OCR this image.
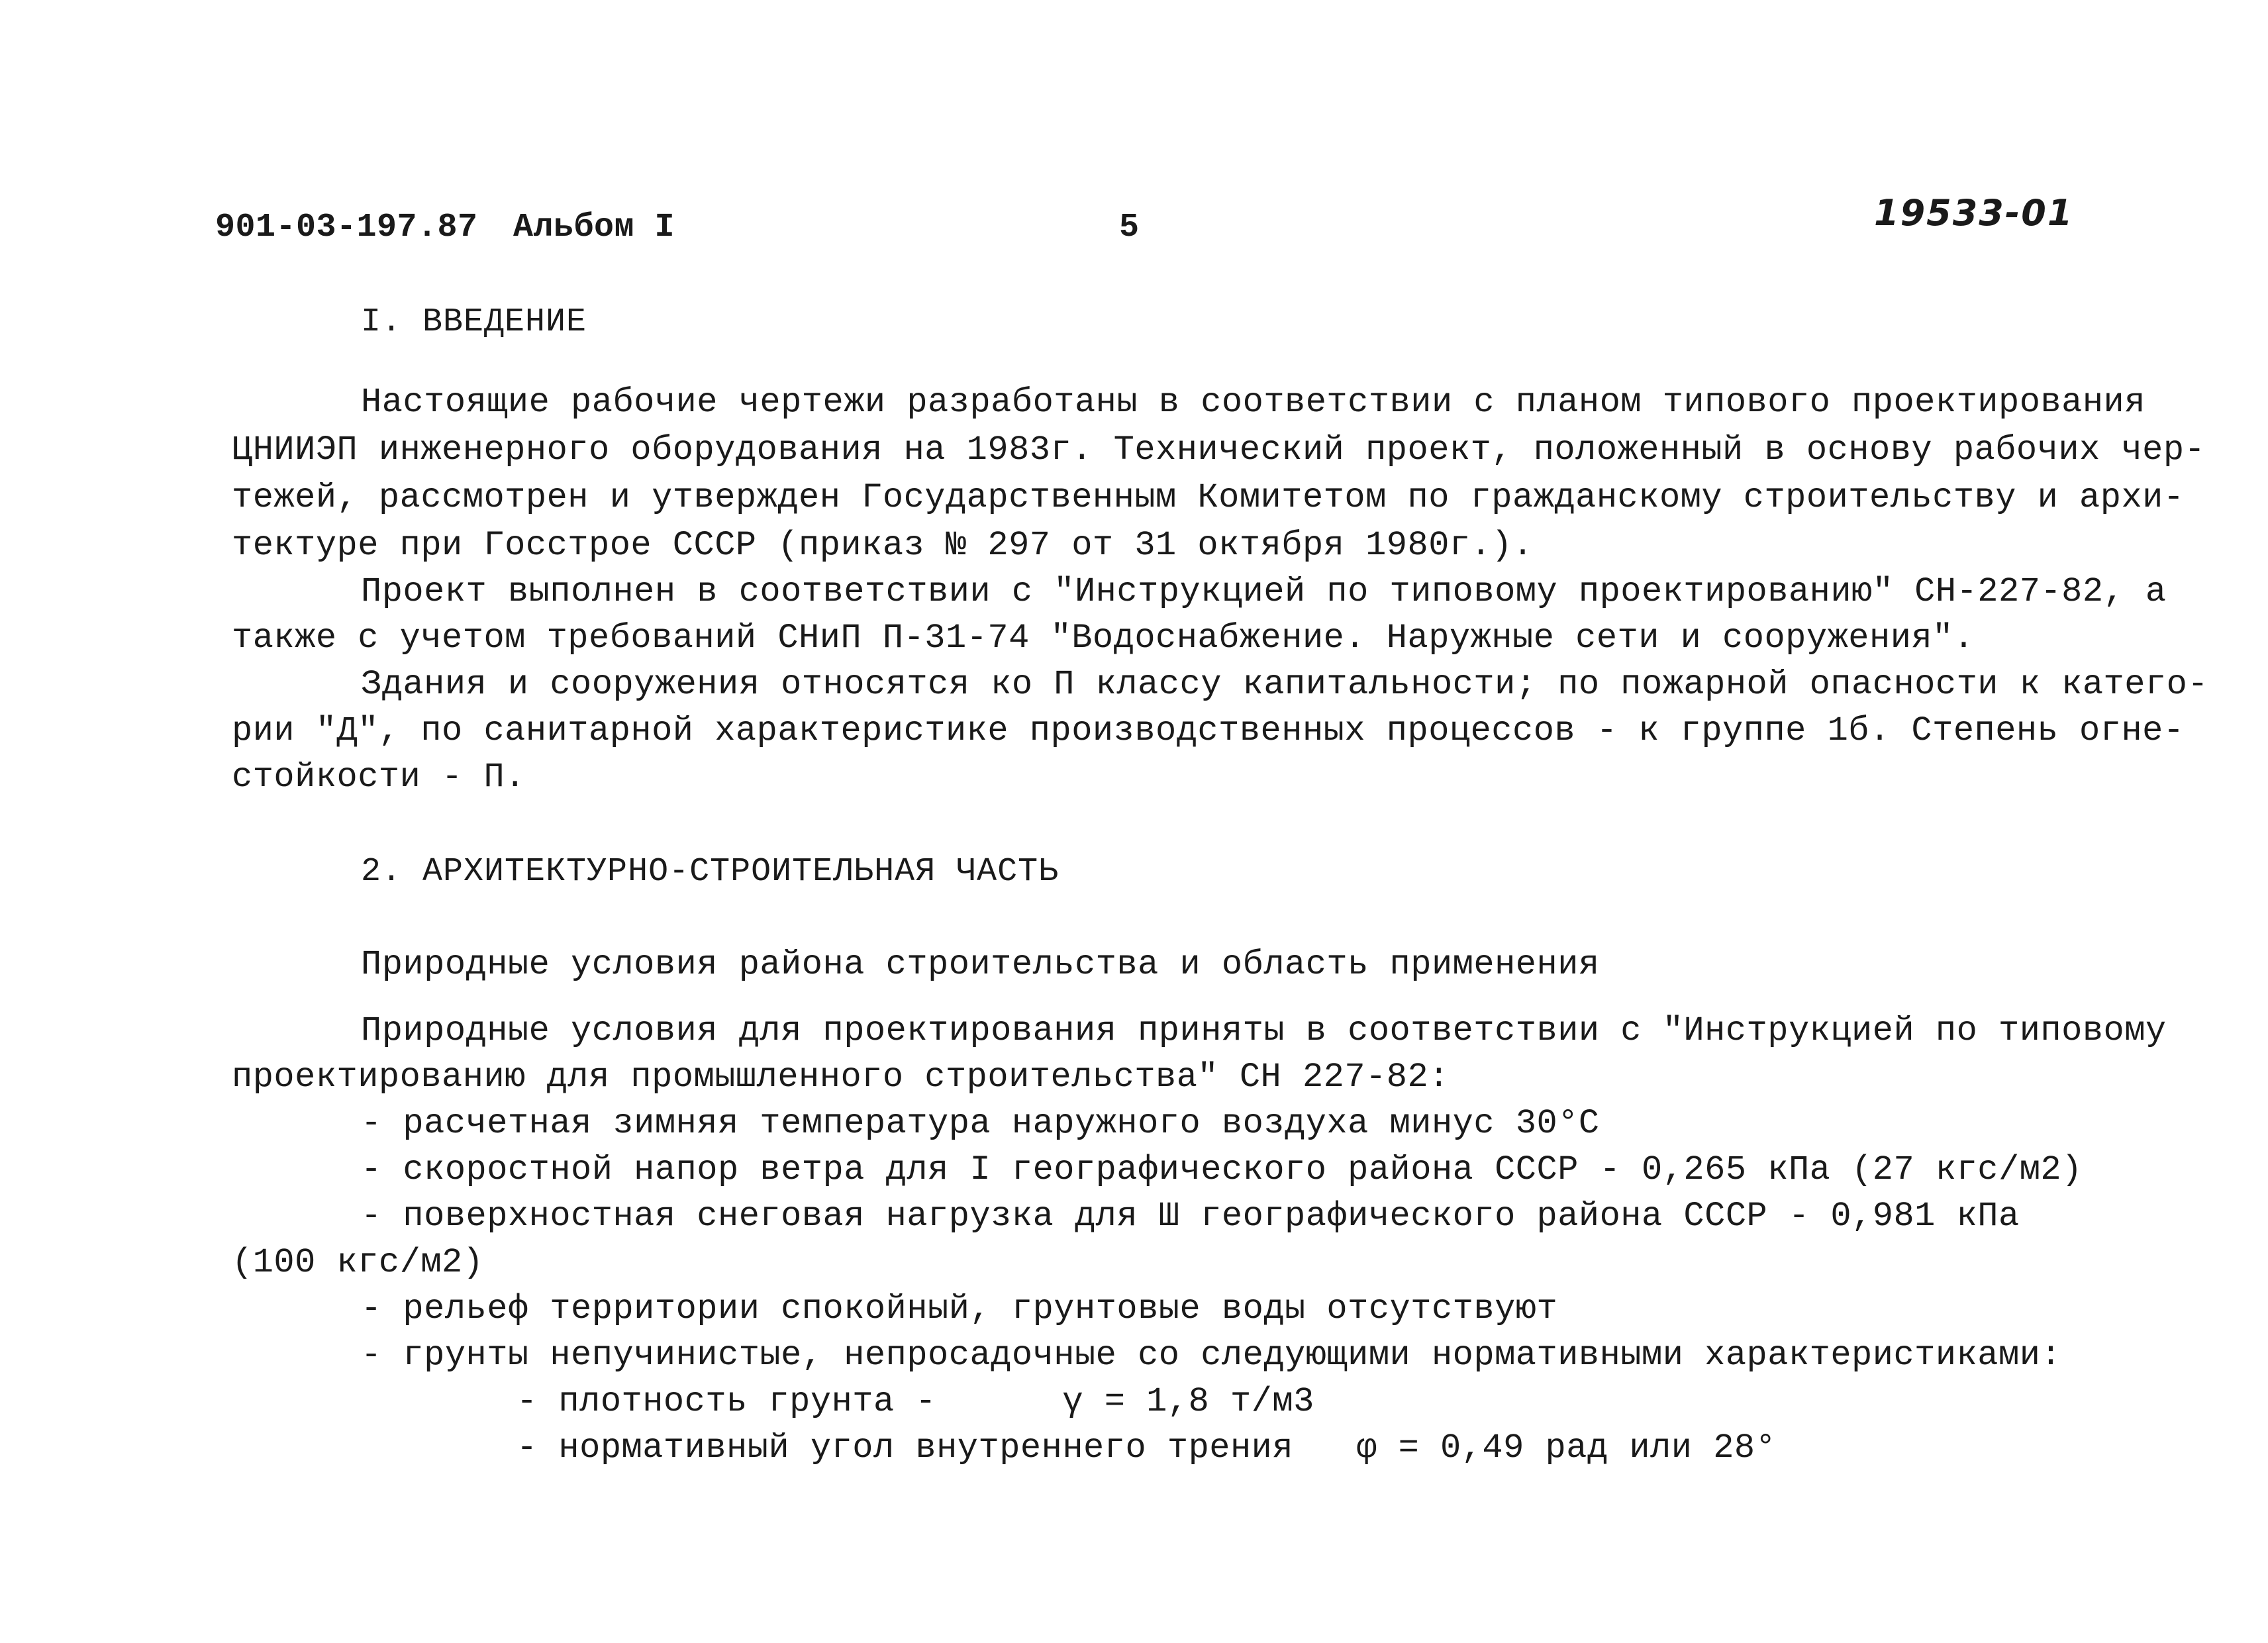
901-03-197.87 Альбом I	5	19533-01
I. ВВЕДЕНИЕ
Настоящие рабочие чертежи разработаны в соответствии с планом типового проектирования
ЦНИИЭП инженерного оборудования на 1983г. Технический проект, положенный в основу рабочих чер-
тежей, рассмотрен и утвержден Государственным Комитетом по гражданскому строительству и архи-
тектуре при Госстрое СССР (приказ № 297 от 31 октября 1980г.).
Проект выполнен в соответствии с "Инструкцией по типовому проектированию" СН-227-82, а
также с учетом требований СНиП П-31-74 "Водоснабжение. Наружные сети и сооружения".
Здания и сооружения относятся ко П классу капитальности; по пожарной опасности к катего-
рии "Д", по санитарной характеристике производственных процессов - к группе 1б. Степень огне-
стойкости - П.
2. АРХИТЕКТУРНО-СТРОИТЕЛЬНАЯ ЧАСТЬ
Природные условия района строительства и область применения
Природные условия для проектирования приняты в соответствии с "Инструкцией по типовому
проектированию для промышленного строительства" СН 227-82:
- расчетная зимняя температура наружного воздуха минус 30°C
- скоростной напор ветра для I географического района СССР - 0,265 кПа (27 кгс/м2)
- поверхностная снеговая нагрузка для Ш географического района СССР - 0,981 кПа
(100 кгс/м2)
- рельеф территории спокойный, грунтовые воды отсутствуют
- грунты непучинистые, непросадочные со следующими нормативными характеристиками:
- плотность грунта -      γ = 1,8 т/м3
- нормативный угол внутреннего трения   φ = 0,49 рад или 28°
